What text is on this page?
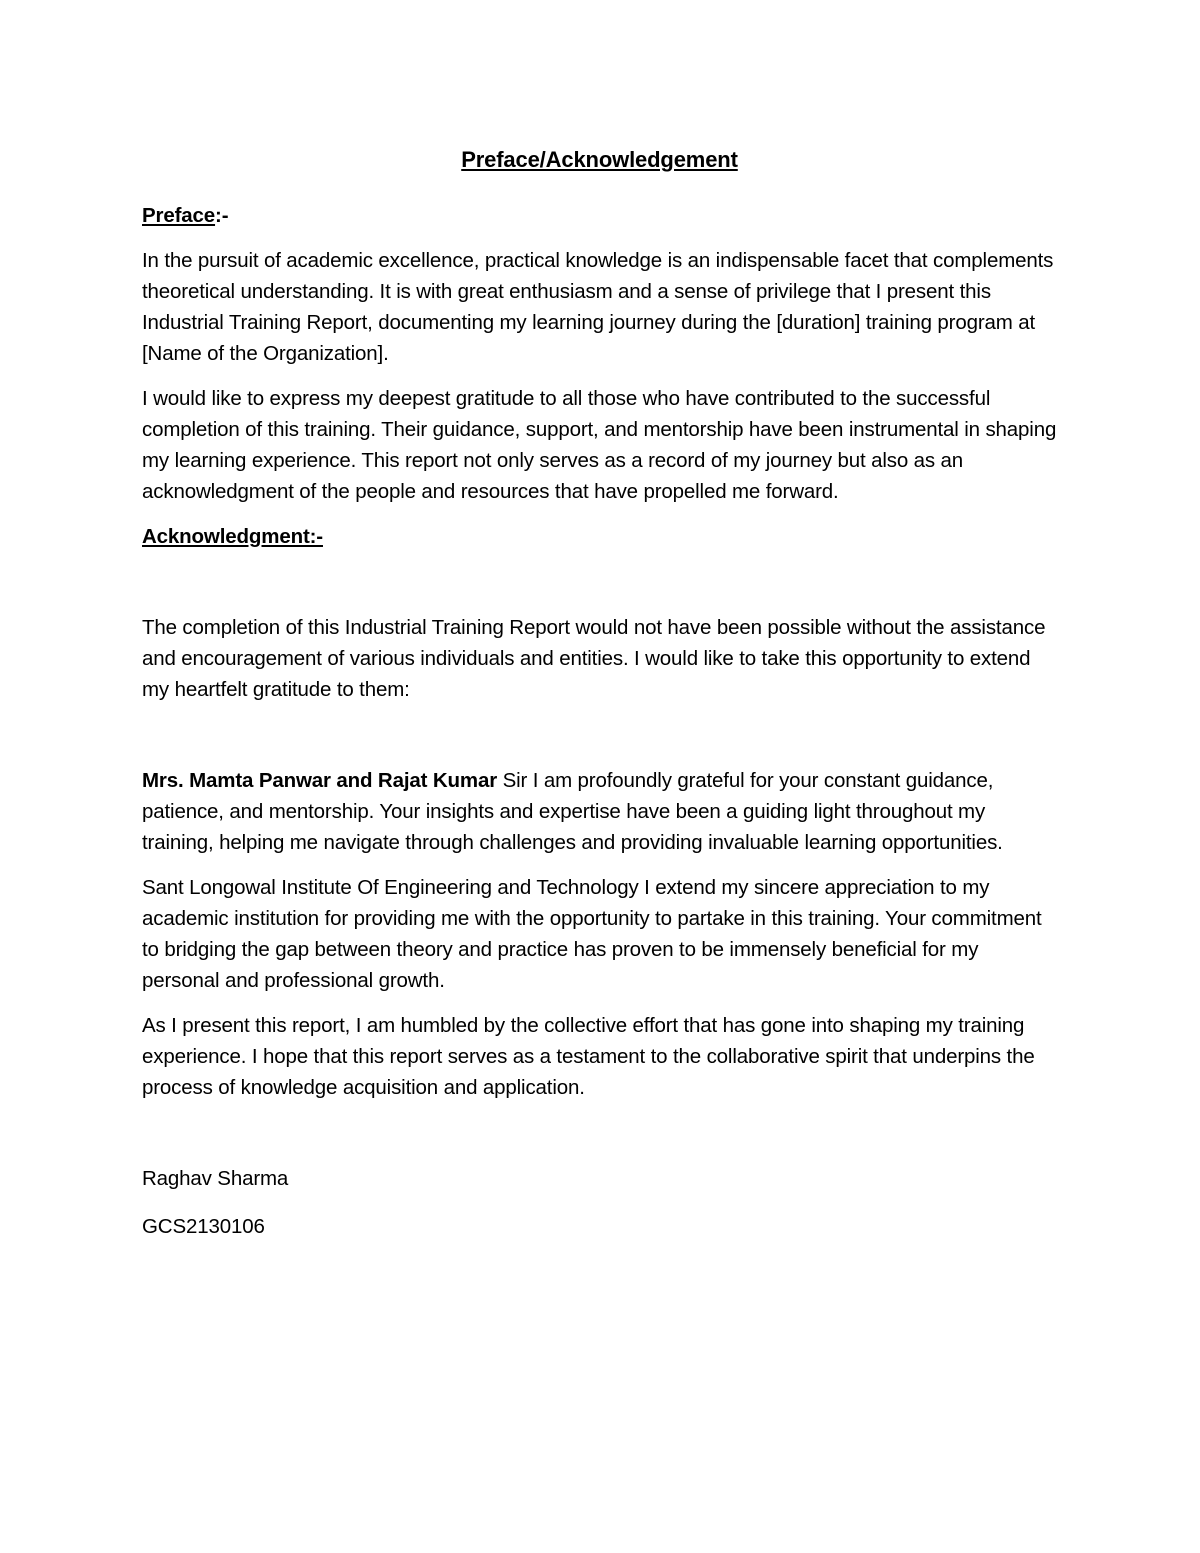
Preface/Acknowledgement
Preface:-

In the pursuit of academic excellence, practical knowledge is an indispensable facet that complements theoretical understanding. It is with great enthusiasm and a sense of privilege that I present this Industrial Training Report, documenting my learning journey during the [duration] training program at [Name of the Organization].

I would like to express my deepest gratitude to all those who have contributed to the successful completion of this training. Their guidance, support, and mentorship have been instrumental in shaping my learning experience. This report not only serves as a record of my journey but also as an acknowledgment of the people and resources that have propelled me forward.

Acknowledgment:-

The completion of this Industrial Training Report would not have been possible without the assistance and encouragement of various individuals and entities. I would like to take this opportunity to extend my heartfelt gratitude to them:

Mrs. Mamta Panwar and Rajat Kumar Sir I am profoundly grateful for your constant guidance, patience, and mentorship. Your insights and expertise have been a guiding light throughout my training, helping me navigate through challenges and providing invaluable learning opportunities.

Sant Longowal Institute Of Engineering and Technology I extend my sincere appreciation to my academic institution for providing me with the opportunity to partake in this training. Your commitment to bridging the gap between theory and practice has proven to be immensely beneficial for my personal and professional growth.

As I present this report, I am humbled by the collective effort that has gone into shaping my training experience. I hope that this report serves as a testament to the collaborative spirit that underpins the process of knowledge acquisition and application.

Raghav Sharma
GCS2130106
